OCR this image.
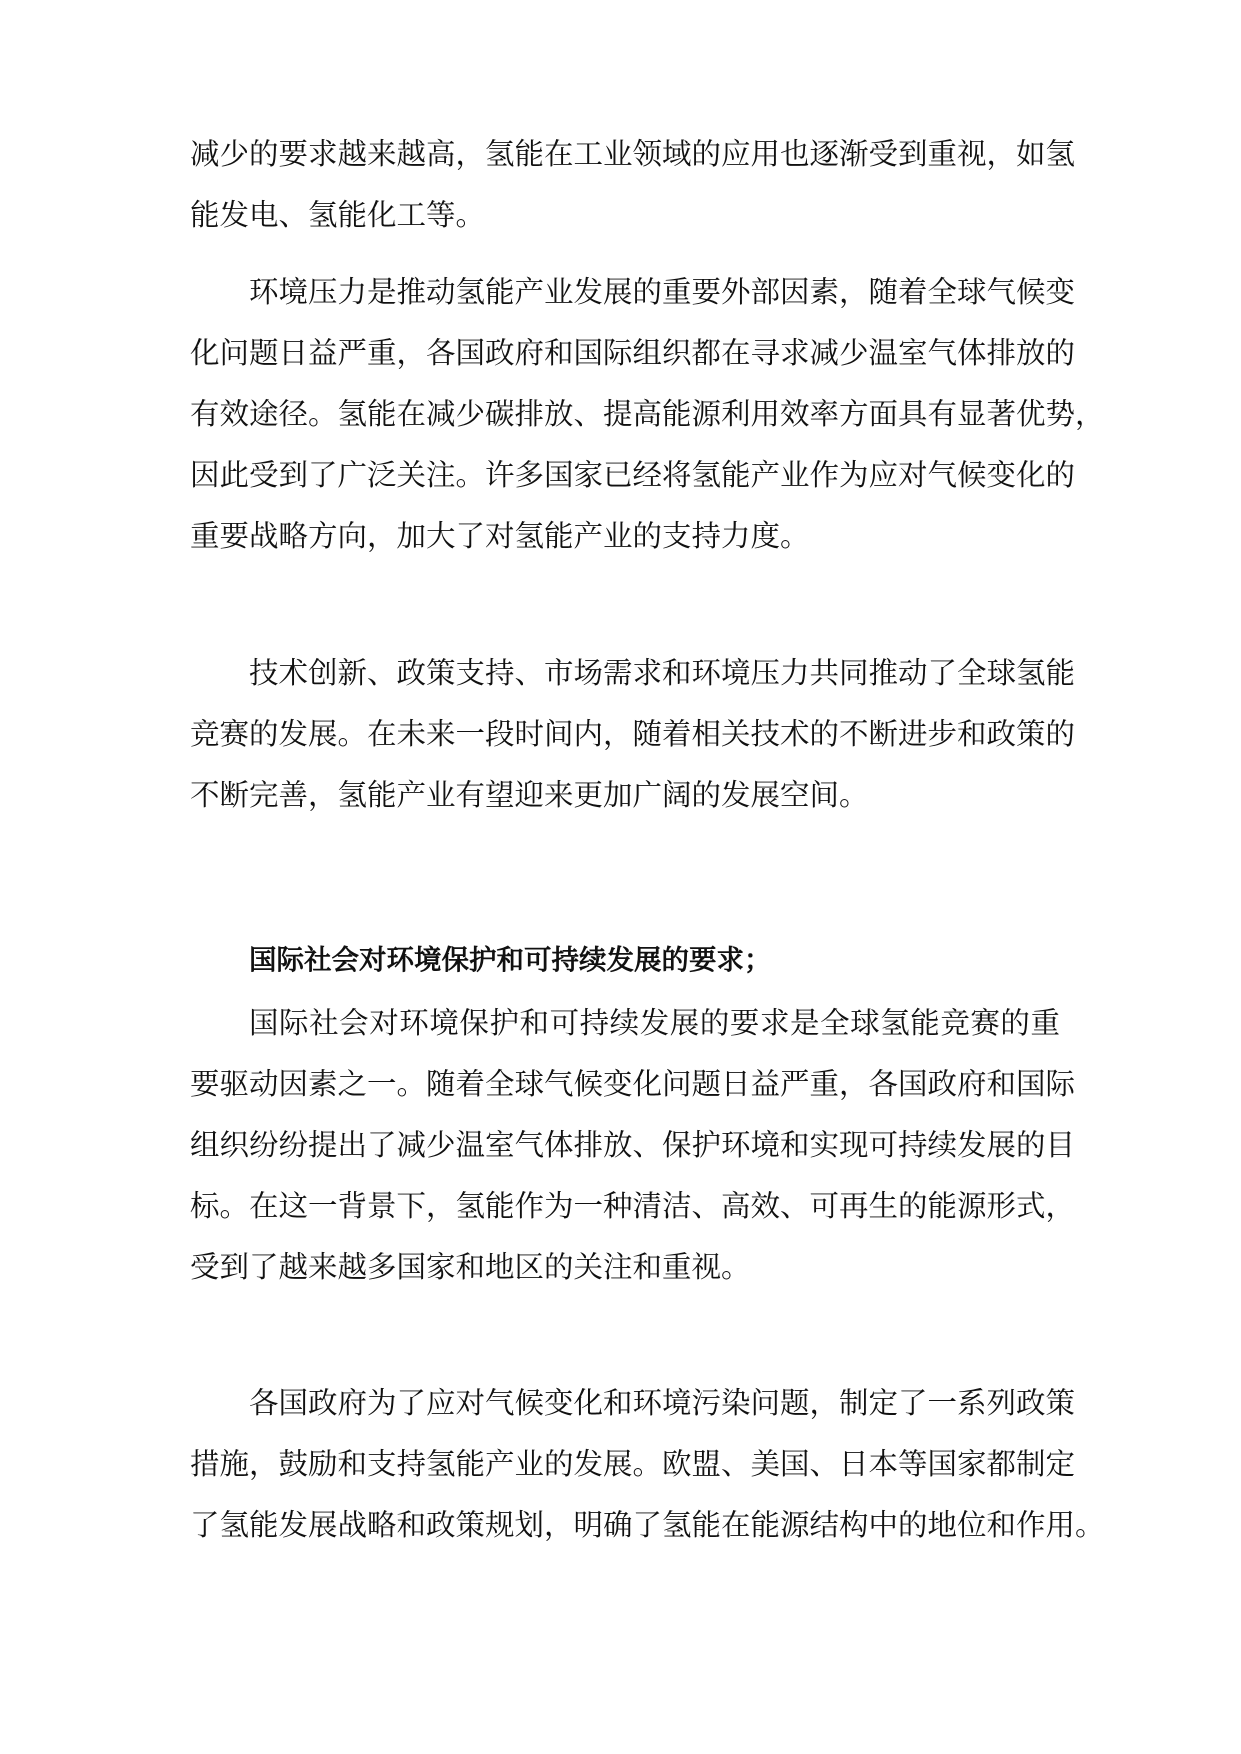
减少的要求越来越高，氢能在工业领域的应用也逐渐受到重视，如氢
能发电、氢能化工等。

环境压力是推动氢能产业发展的重要外部因素，随着全球气候变
化问题日益严重，各国政府和国际组织都在寻求减少温室气体排放的
有效途径。氢能在减少碳排放、提高能源利用效率方面具有显著优势，
因此受到了广泛关注。许多国家已经将氢能产业作为应对气候变化的
重要战略方向，加大了对氢能产业的支持力度。

技术创新、政策支持、市场需求和环境压力共同推动了全球氢能
竞赛的发展。在未来一段时间内，随着相关技术的不断进步和政策的
不断完善，氢能产业有望迎来更加广阔的发展空间。

国际社会对环境保护和可持续发展的要求；

国际社会对环境保护和可持续发展的要求是全球氢能竞赛的重
要驱动因素之一。随着全球气候变化问题日益严重，各国政府和国际
组织纷纷提出了减少温室气体排放、保护环境和实现可持续发展的目
标。在这一背景下，氢能作为一种清洁、高效、可再生的能源形式，
受到了越来越多国家和地区的关注和重视。

各国政府为了应对气候变化和环境污染问题，制定了一系列政策
措施，鼓励和支持氢能产业的发展。欧盟、美国、日本等国家都制定
了氢能发展战略和政策规划，明确了氢能在能源结构中的地位和作用。
